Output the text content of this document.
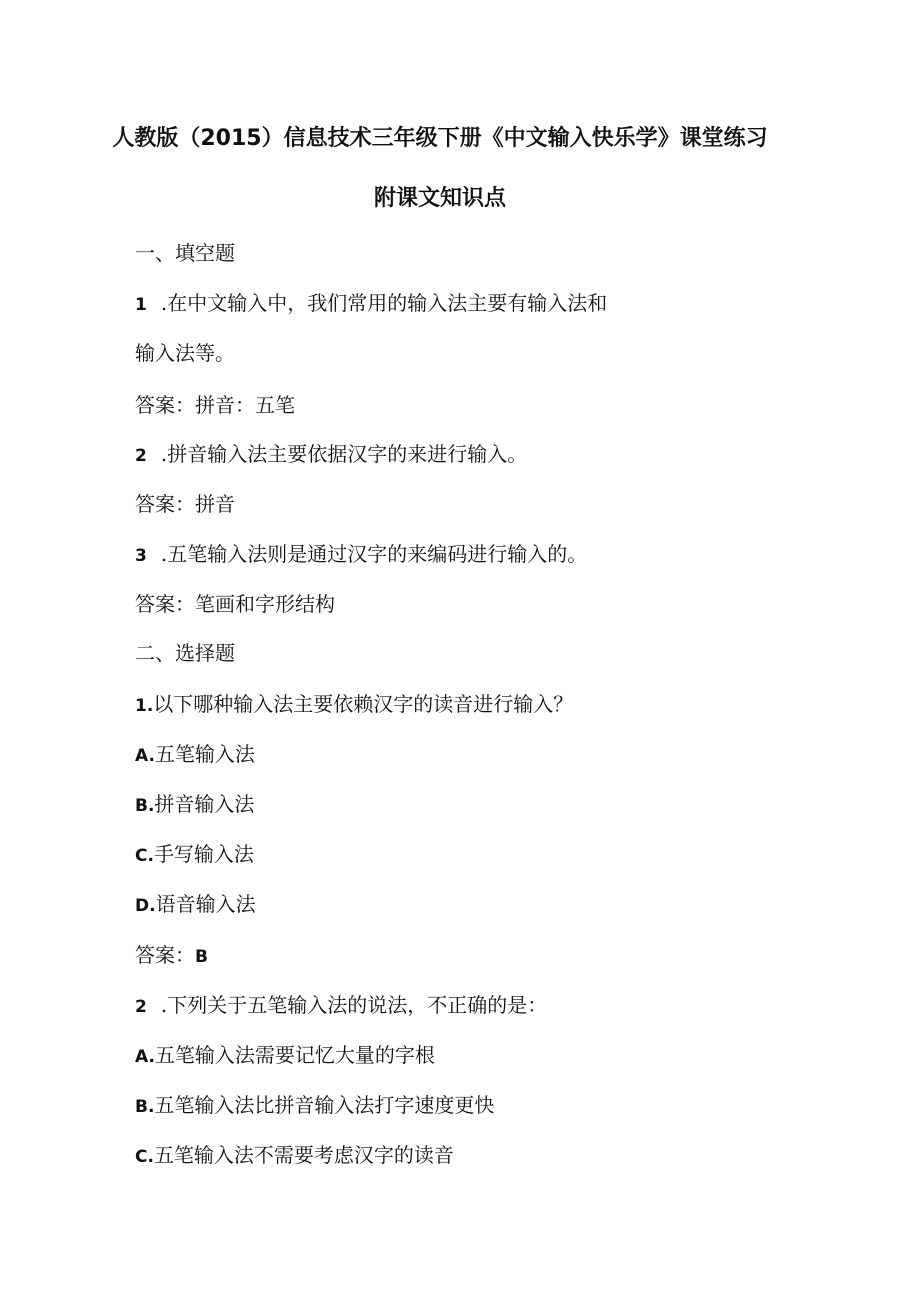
人教版（2015）信息技术三年级下册《中文输入快乐学》课堂练习
附课文知识点
一、填空题
1 .在中文输入中，我们常用的输入法主要有输入法和
输入法等。
答案：拼音：五笔
2 .拼音输入法主要依据汉字的来进行输入。
答案：拼音
3 .五笔输入法则是通过汉字的来编码进行输入的。
答案：笔画和字形结构
二、选择题
1.以下哪种输入法主要依赖汉字的读音进行输入？
A.五笔输入法
B.拼音输入法
C.手写输入法
D.语音输入法
答案：B
2 .下列关于五笔输入法的说法，不正确的是：
A.五笔输入法需要记忆大量的字根
B.五笔输入法比拼音输入法打字速度更快
C.五笔输入法不需要考虑汉字的读音
